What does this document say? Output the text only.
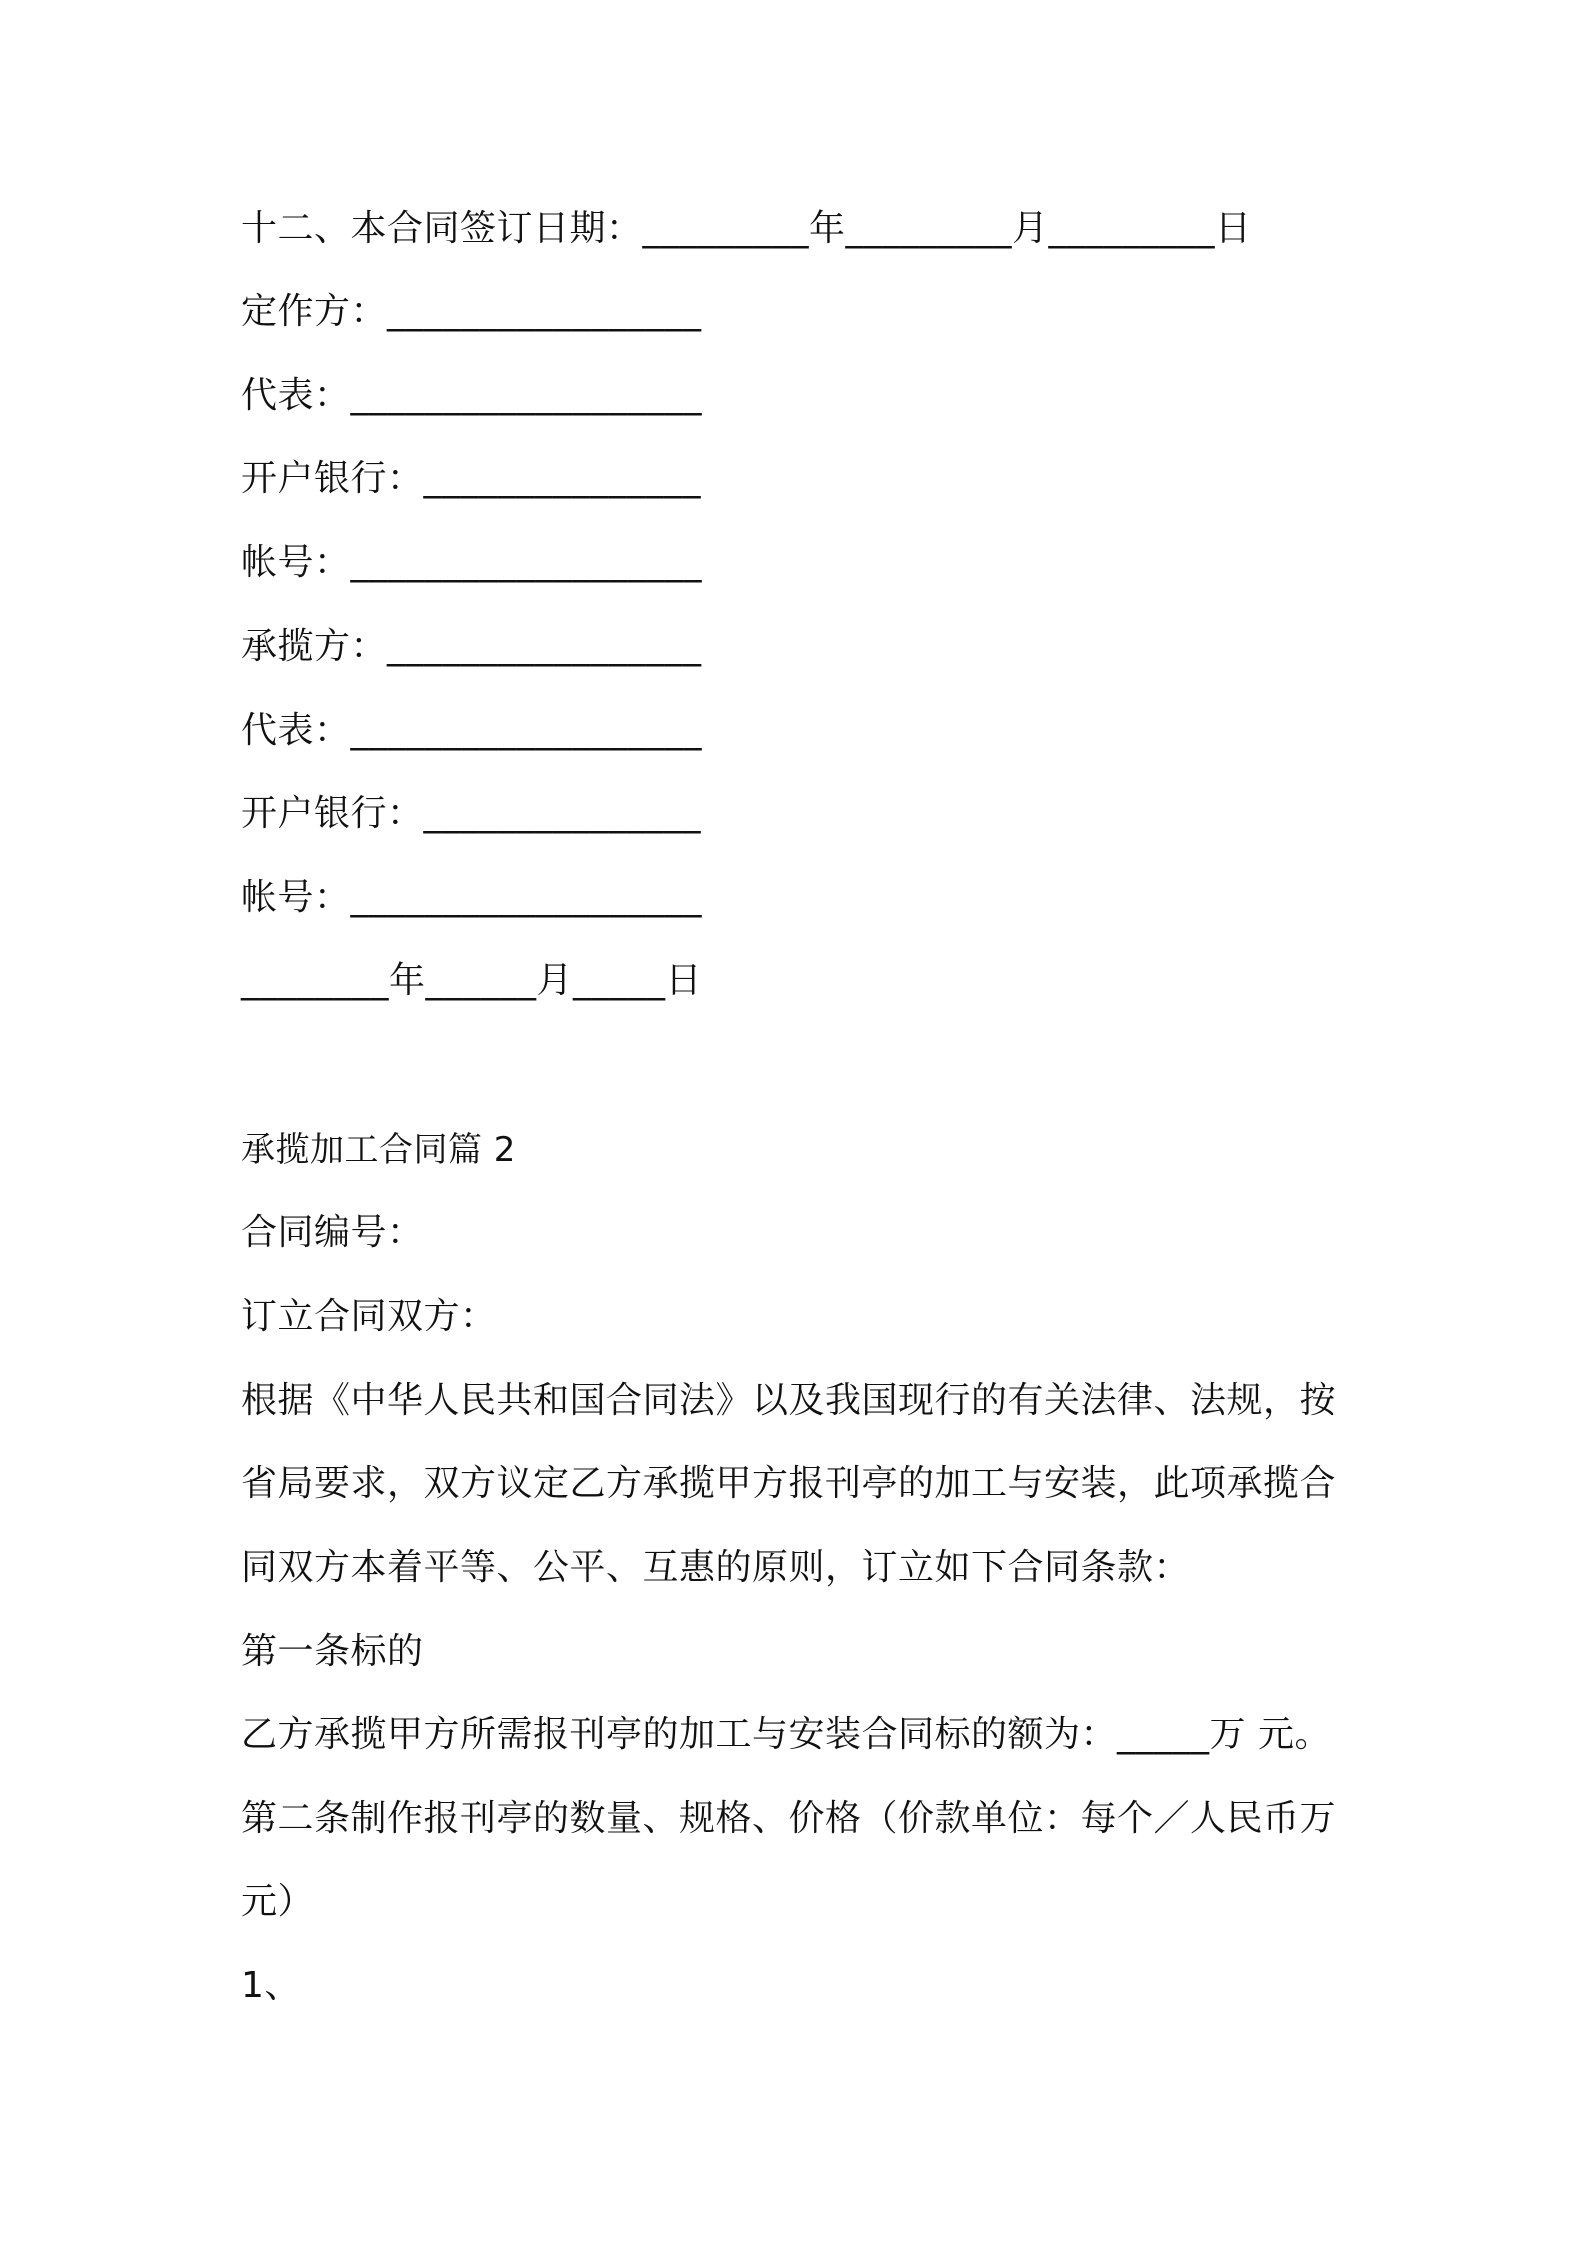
十二、本合同签订日期：_________年_________月_________日
定作方：_________________
代表：___________________
开户银行：_______________
帐号：___________________
承揽方：_________________
代表：___________________
开户银行：_______________
帐号：___________________
________年______月_____日
承揽加工合同篇 2
合同编号：
订立合同双方：
根据《中华人民共和国合同法》以及我国现行的有关法律、法规，按
省局要求，双方议定乙方承揽甲方报刊亭的加工与安装，此项承揽合
同双方本着平等、公平、互惠的原则，订立如下合同条款：
第一条标的
乙方承揽甲方所需报刊亭的加工与安装合同标的额为：_____万 元。
第二条制作报刊亭的数量、规格、价格（价款单位：每个／人民币万
元）
1、
